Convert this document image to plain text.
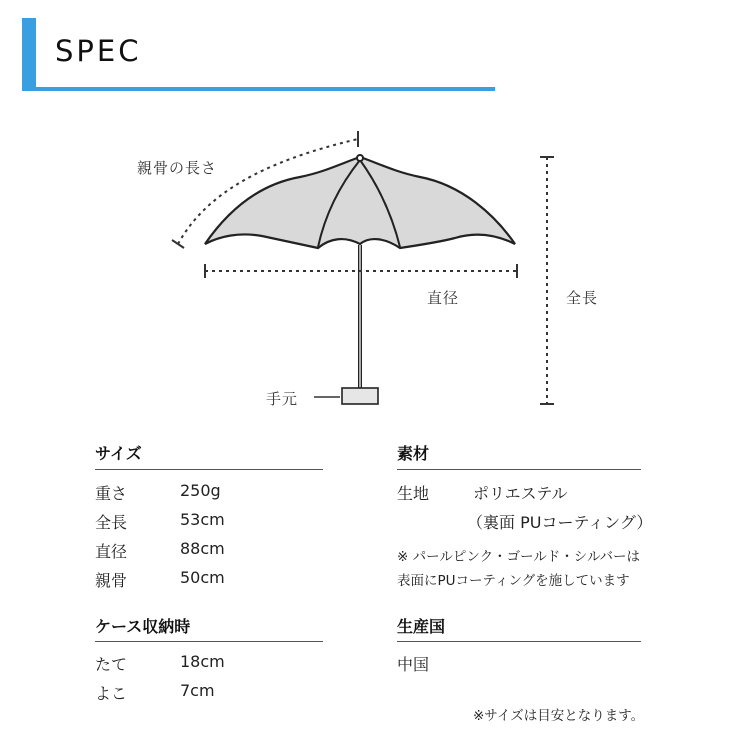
SPEC
親骨の長さ
直径	全長
手元
サイズ
重さ	250g
全長	53cm
直径	88cm
親骨	50cm
ケース収納時
たて	18cm
よこ	7cm
素材
生地	ポリエステル
（裏面 PUコーティング）
※ パールピンク・ゴールド・シルバーは
表面にPUコーティングを施しています
生産国
中国
※サイズは目安となります。
